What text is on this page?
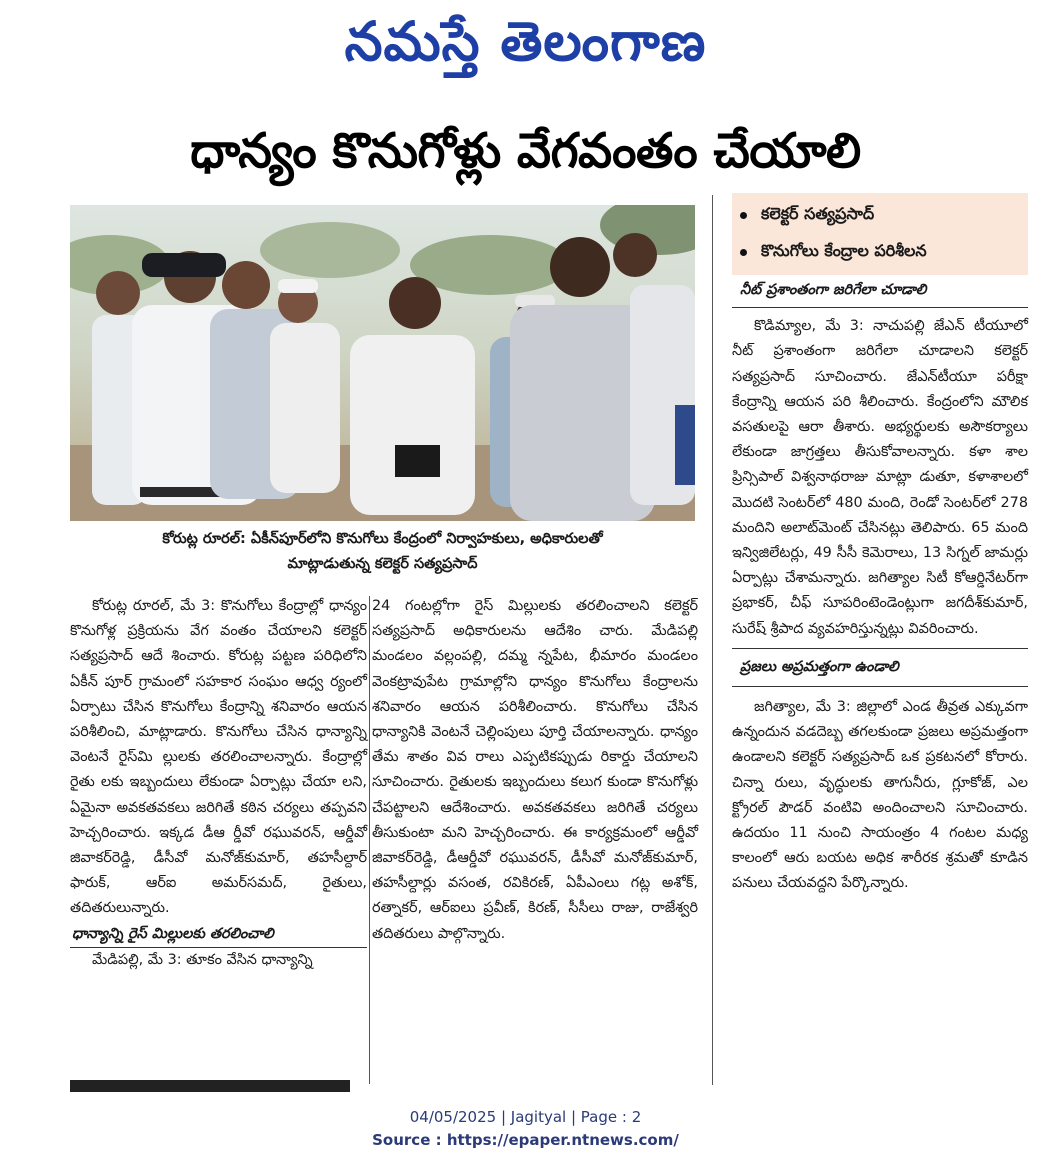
నమస్తే తెలంగాణ
ధాన్యం కొనుగోళ్లు వేగవంతం చేయాలి
కలెక్టర్‌ సత్యప్రసాద్‌
కొనుగోలు కేంద్రాల పరిశీలన
కోరుట్ల రూరల్‌: ఏకీన్‌పూర్‌లోని కొనుగోలు కేంద్రంలో నిర్వాహకులు, అధికారులతో
మాట్లాడుతున్న కలెక్టర్‌ సత్యప్రసాద్‌

కోరుట్ల రూరల్‌, మే 3: కొనుగోలు కేంద్రాల్లో ధాన్యం కొనుగోళ్ల ప్రక్రియను వేగ వంతం చేయాలని కలెక్టర్‌ సత్యప్రసాద్‌ ఆదే శించారు. కోరుట్ల పట్టణ పరిధిలోని ఏకీన్‌ పూర్‌ గ్రామంలో సహకార సంఘం ఆధ్వ ర్యంలో ఏర్పాటు చేసిన కొనుగోలు కేంద్రాన్ని శనివారం ఆయన పరిశీలించి, మాట్లాడారు. కొనుగోలు చేసిన ధాన్యాన్ని వెంటనే రైస్‌మి ల్లులకు తరలించాలన్నారు. కేంద్రాల్లో రైతు లకు ఇబ్బందులు లేకుండా ఏర్పాట్లు చేయా లని, ఏమైనా అవకతవకలు జరిగితే కఠిన చర్యలు తప్పవని హెచ్చరించారు. ఇక్కడ డీఆ ర్డీవో రఘువరన్‌, ఆర్డీవో జివాకర్‌రెడ్డి, డీసీవో మనోజ్‌కుమార్‌, తహసీల్దార్‌ ఫారుక్‌, ఆర్‌ఐ అమర్‌సమద్‌, రైతులు, తదితరులున్నారు.

ధాన్యాన్ని రైస్‌ మిల్లులకు తరలించాలి

మేడిపల్లి, మే 3: తూకం వేసిన ధాన్యాన్ని

24 గంటల్లోగా రైస్‌ మిల్లులకు తరలించాలని కలెక్టర్‌ సత్యప్రసాద్‌ అధికారులను ఆదేశిం చారు. మేడిపల్లి మండలం వల్లంపల్లి, దమ్మ న్నపేట, భీమారం మండలం వెంకట్రావుపేట గ్రామాల్లోని ధాన్యం కొనుగోలు కేంద్రాలను శనివారం ఆయన పరిశీలించారు. కొనుగోలు చేసిన ధాన్యానికి వెంటనే చెల్లింపులు పూర్తి చేయాలన్నారు. ధాన్యం తేమ శాతం వివ రాలు ఎప్పటికప్పుడు రికార్డు చేయాలని సూచించారు. రైతులకు ఇబ్బందులు కలుగ కుండా కొనుగోళ్లు చేపట్టాలని ఆదేశించారు. అవకతవకలు జరిగితే చర్యలు తీసుకుంటా మని హెచ్చరించారు. ఈ కార్యక్రమంలో ఆర్డీవో జివాకర్‌రెడ్డి, డీఆర్డీవో రఘువరన్‌, డీసీవో మనోజ్‌కుమార్‌, తహసీల్దార్లు వసంత, రవికిరణ్‌, ఏపీఎంలు గట్ల అశోక్‌, రత్నాకర్‌, ఆర్‌ఐలు ప్రవీణ్‌, కిరణ్‌, సీసీలు రాజు, రాజేశ్వరి తదితరులు పాల్గొన్నారు.

నీట్‌ ప్రశాంతంగా జరిగేలా చూడాలి

కొడిమ్యాల, మే 3: నాచుపల్లి జేఎన్‌ టీయూలో నీట్‌ ప్రశాంతంగా జరిగేలా చూడాలని కలెక్టర్‌ సత్యప్రసాద్‌ సూచించారు. జేఎన్‌టీయూ పరీక్షా కేంద్రాన్ని ఆయన పరి శీలించారు. కేంద్రంలోని మౌలిక వసతులపై ఆరా తీశారు. అభ్యర్థులకు అసౌకర్యాలు లేకుండా జాగ్రత్తలు తీసుకోవాలన్నారు. కళా శాల ప్రిన్సిపాల్‌ విశ్వనాథరాజు మాట్లా డుతూ, కళాశాలలో మొదటి సెంటర్‌లో 480 మంది, రెండో సెంటర్‌లో 278 మందిని అలాట్‌మెంట్‌ చేసినట్లు తెలిపారు. 65 మంది ఇన్విజిలేటర్లు, 49 సీసీ కెమెరాలు, 13 సిగ్నల్‌ జామర్లు ఏర్పాట్లు చేశామన్నారు. జగిత్యాల సిటీ కోఆర్డినేటర్‌గా ప్రభాకర్‌, చీఫ్‌ సూపరింటెండెంట్లుగా జగదీశ్‌కుమార్‌, సురేష్‌ శ్రీపాద వ్యవహరిస్తున్నట్లు వివరించారు.

ప్రజలు అప్రమత్తంగా ఉండాలి

జగిత్యాల, మే 3: జిల్లాలో ఎండ తీవ్రత ఎక్కువగా ఉన్నందున వడదెబ్బ తగలకుండా ప్రజలు అప్రమత్తంగా ఉండాలని కలెక్టర్‌ సత్యప్రసాద్‌ ఒక ప్రకటనలో కోరారు. చిన్నా రులు, వృద్ధులకు తాగునీరు, గ్లూకోజ్‌, ఎల క్ట్రోరల్‌ పౌడర్‌ వంటివి అందించాలని సూచించారు. ఉదయం 11 నుంచి సాయంత్రం 4 గంటల మధ్య కాలంలో ఆరు బయట అధిక శారీరక శ్రమతో కూడిన పనులు చేయవద్దని పేర్కొన్నారు.

04/05/2025 | Jagityal | Page : 2
Source : https://epaper.ntnews.com/
